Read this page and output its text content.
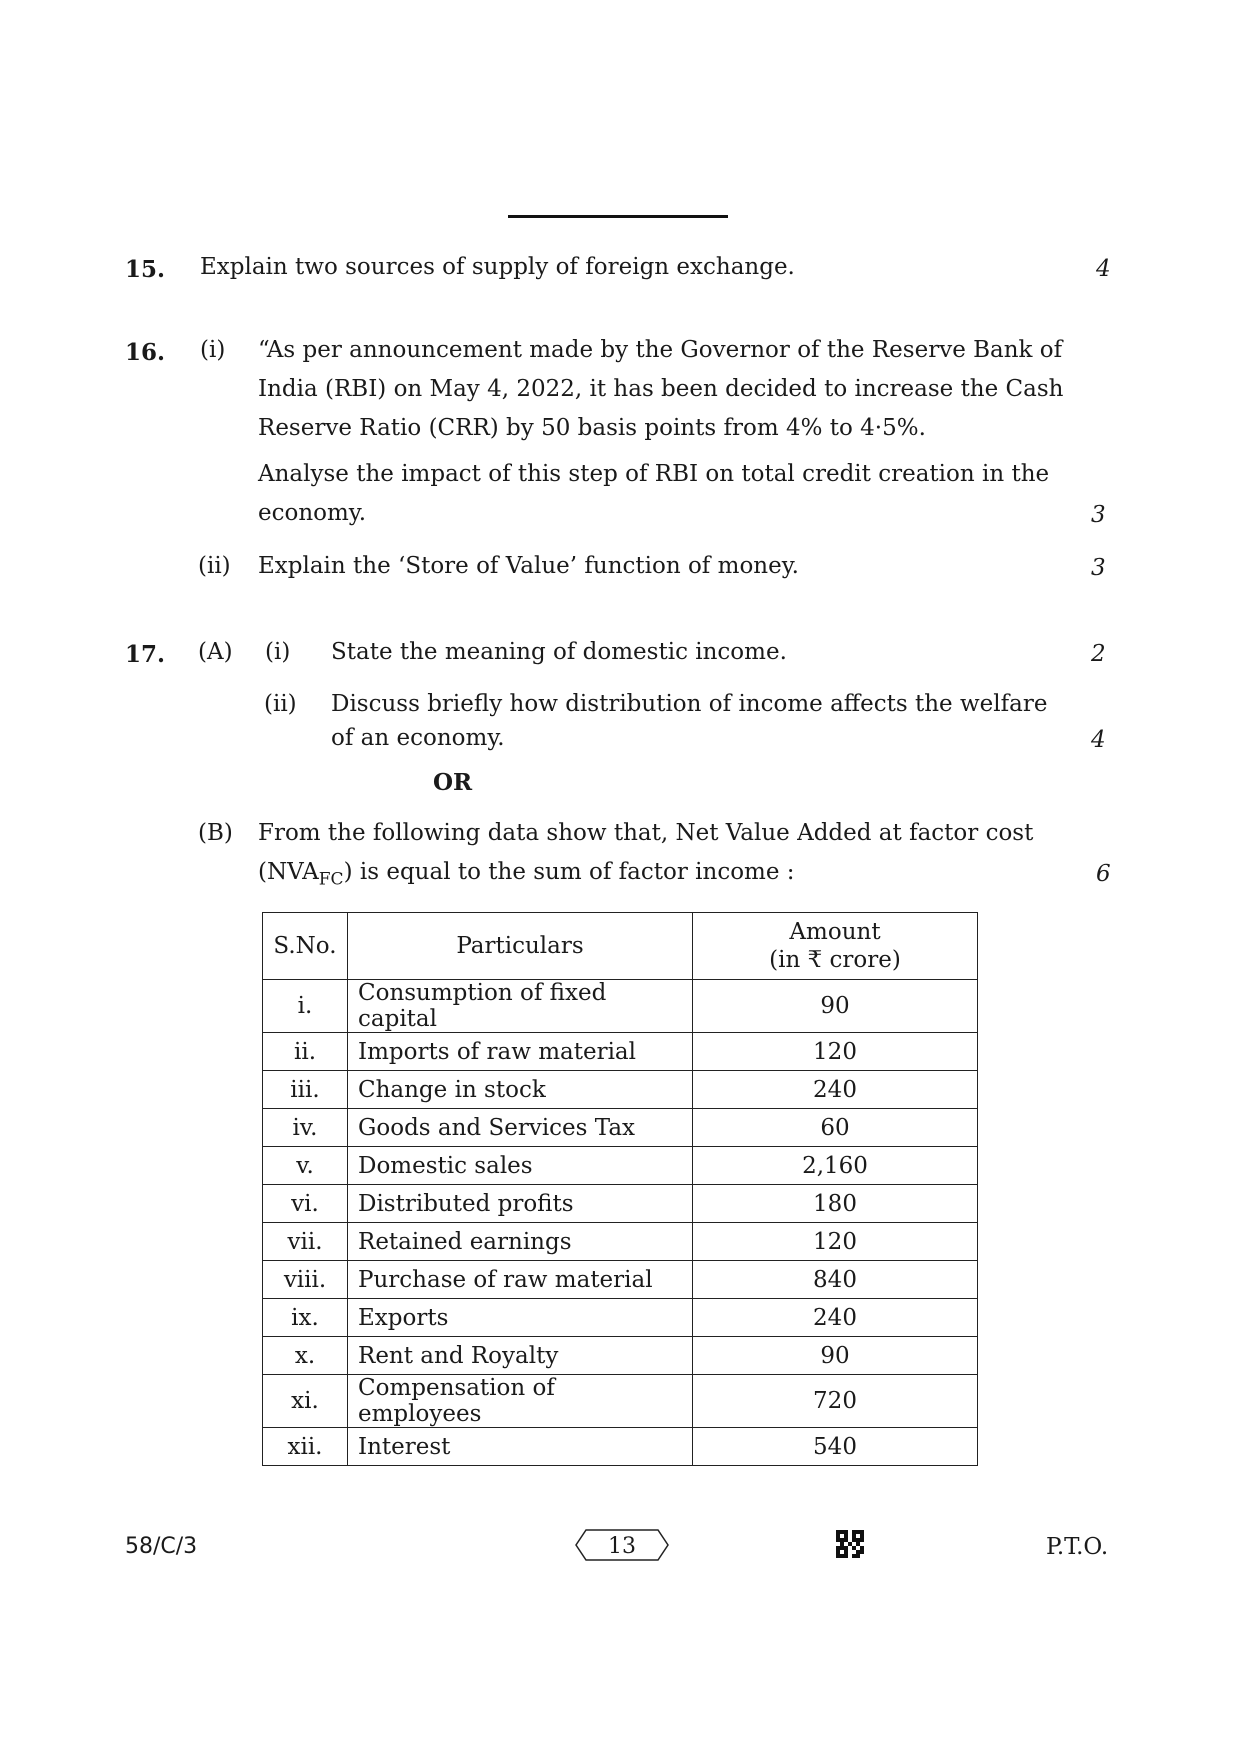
15. Explain two sources of supply of foreign exchange.	4
16. (i) “As per announcement made by the Governor of the Reserve Bank of
India (RBI) on May 4, 2022, it has been decided to increase the Cash
Reserve Ratio (CRR) by 50 basis points from 4% to 4·5%.
Analyse the impact of this step of RBI on total credit creation in the
economy.	3
(ii) Explain the ‘Store of Value’ function of money.	3
17. (A) (i) State the meaning of domestic income.	2
(ii) Discuss briefly how distribution of income affects the welfare
of an economy.	4
OR
(B) From the following data show that, Net Value Added at factor cost
$(NVA_{FC})$ is equal to the sum of factor income :	6
S.No.	Particulars	Amount
(in ₹ crore)

i.	Consumption of fixed capital	90
ii.	Imports of raw material	120
iii.	Change in stock	240
iv.	Goods and Services Tax	60
v.	Domestic sales	2,160
vi.	Distributed profits	180
vii.	Retained earnings	120
viii.	Purchase of raw material	840
ix.	Exports	240
x.	Rent and Royalty	90
xi.	Compensation of employees	720
xii.	Interest	540
58/C/3	13	P.T.O.
